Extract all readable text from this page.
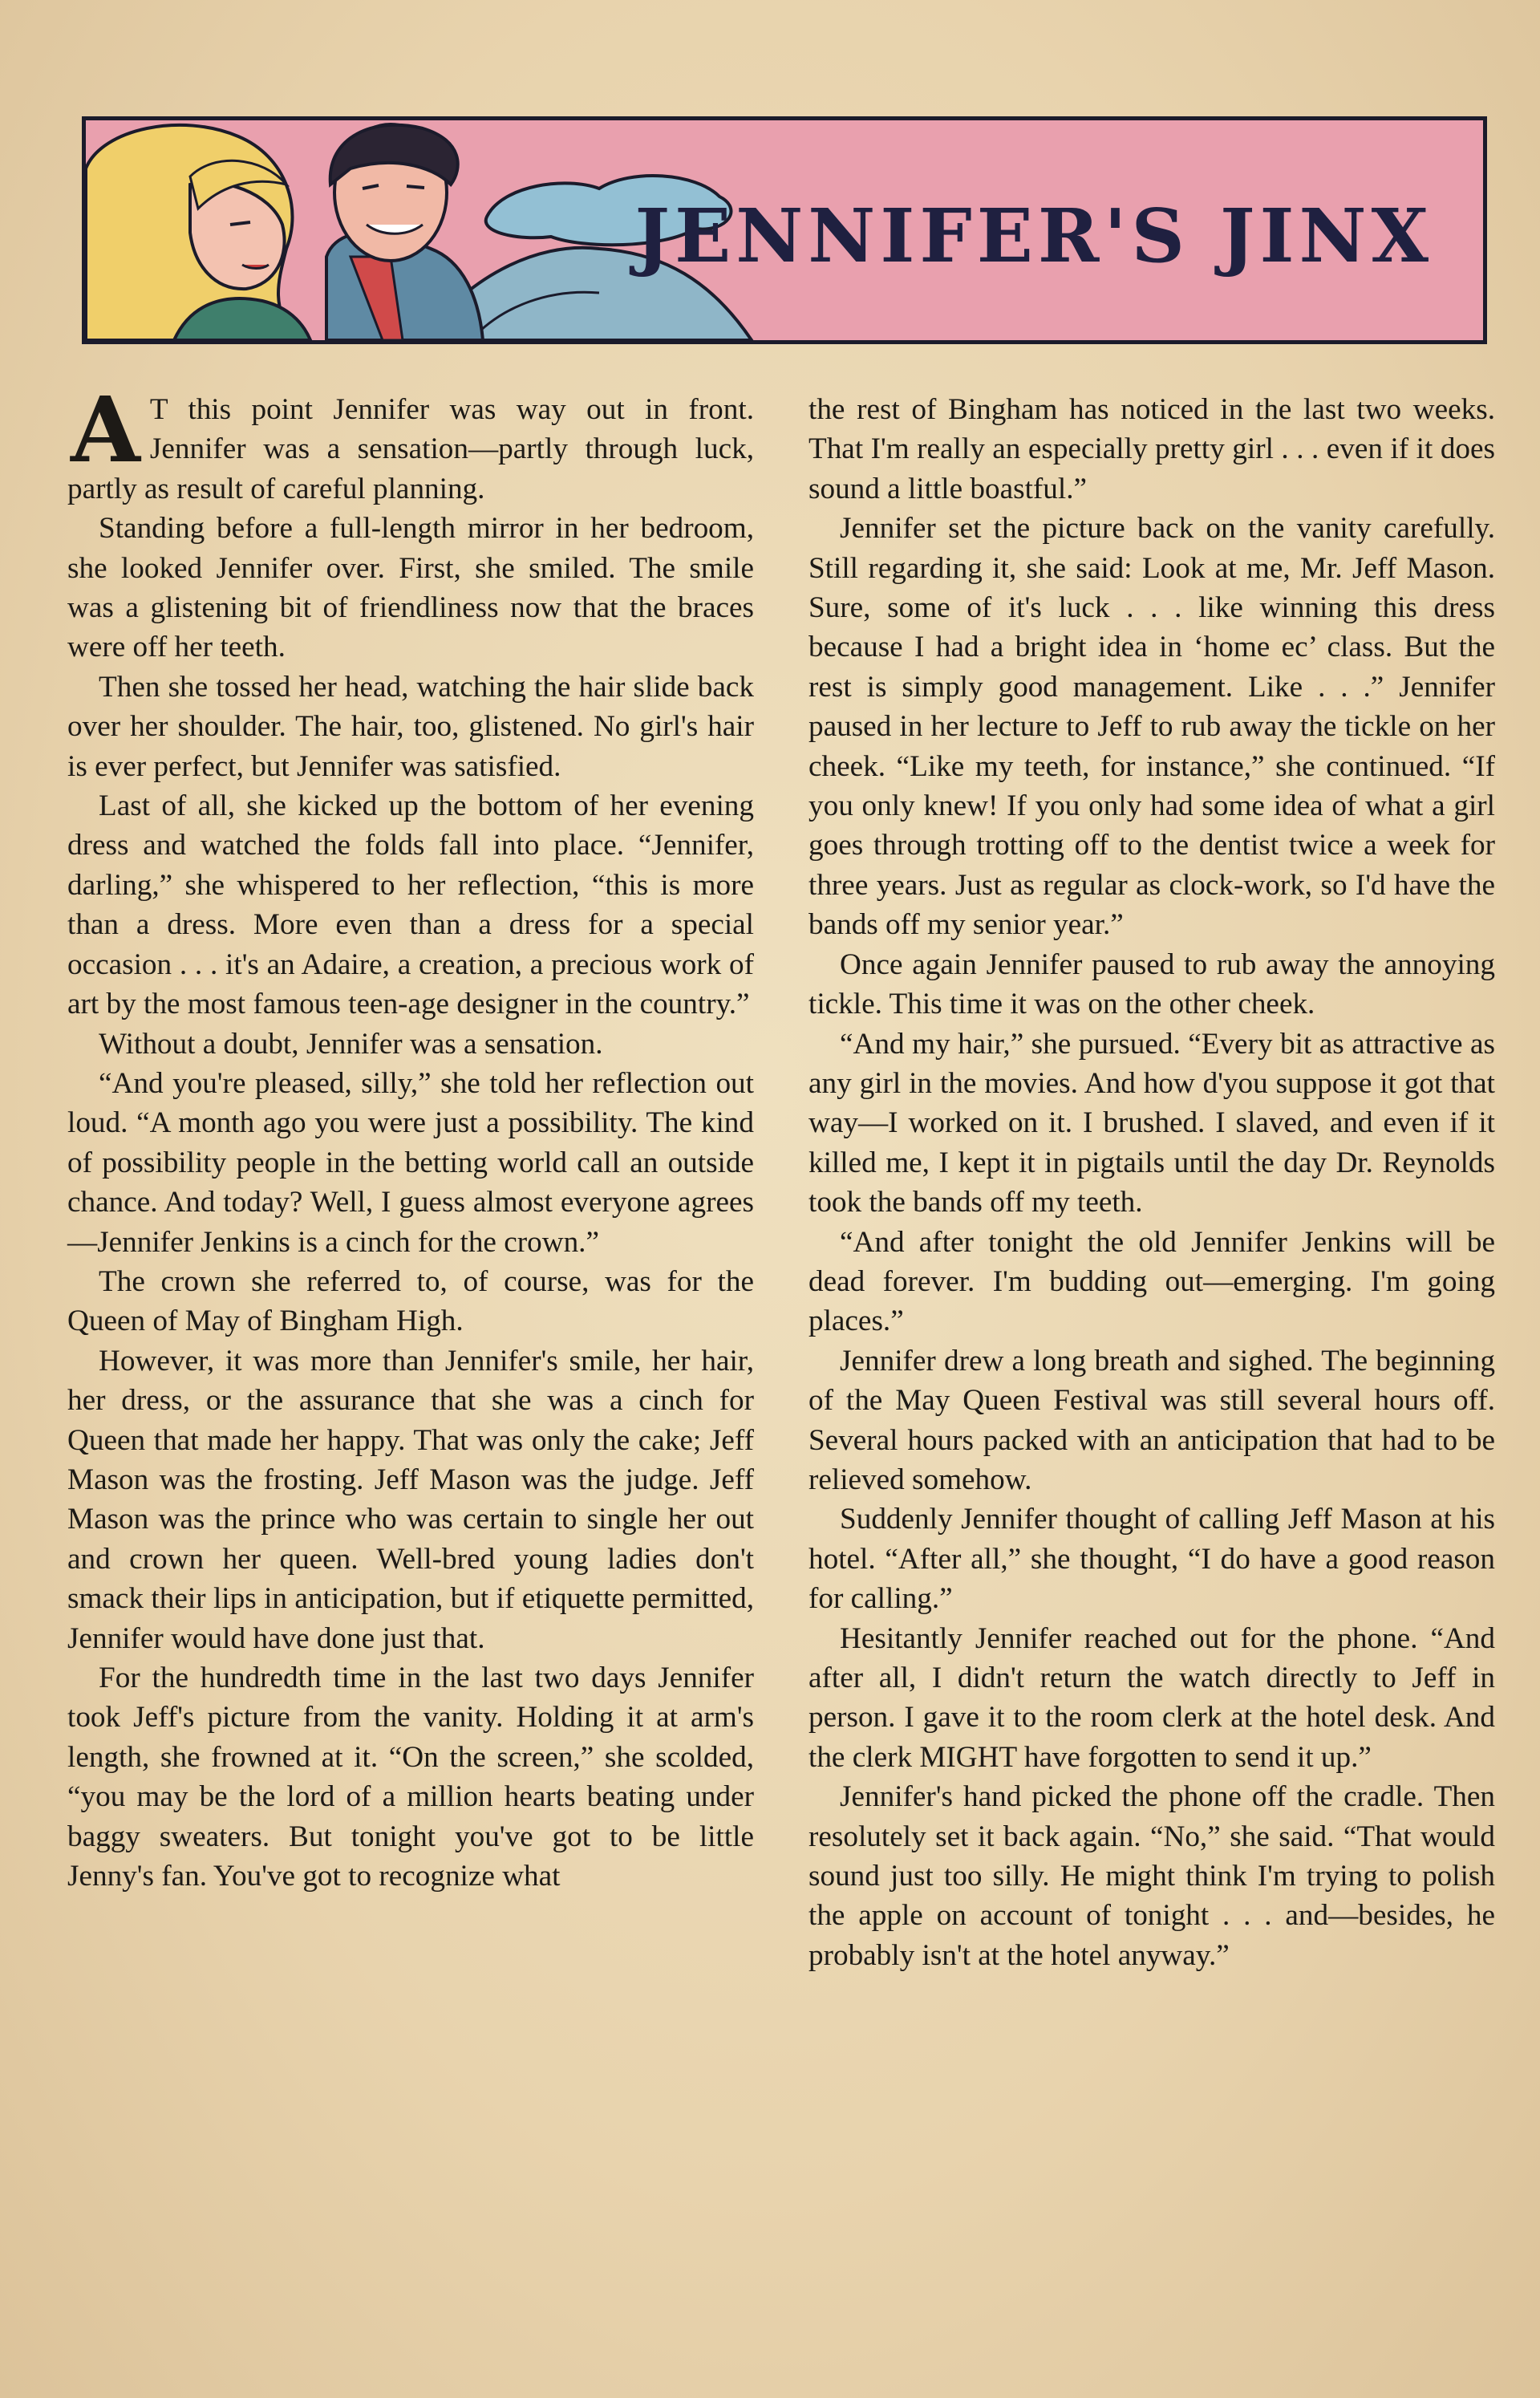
JENNIFER'S JINX

A T this point Jennifer was way out in front. Jennifer was a sensation—partly through luck, partly as result of careful planning.

Standing before a full-length mirror in her bedroom, she looked Jennifer over. First, she smiled. The smile was a glistening bit of friendliness now that the braces were off her teeth.

Then she tossed her head, watching the hair slide back over her shoulder. The hair, too, glistened. No girl's hair is ever perfect, but Jennifer was satisfied.

Last of all, she kicked up the bottom of her evening dress and watched the folds fall into place. “Jennifer, darling,” she whispered to her reflection, “this is more than a dress. More even than a dress for a special occasion . . . it's an Adaire, a creation, a precious work of art by the most famous teen-age designer in the country.”

Without a doubt, Jennifer was a sensation.

“And you're pleased, silly,” she told her reflection out loud. “A month ago you were just a possibility. The kind of possibility people in the betting world call an outside chance. And today? Well, I guess almost everyone agrees—Jennifer Jenkins is a cinch for the crown.”

The crown she referred to, of course, was for the Queen of May of Bingham High.

However, it was more than Jennifer's smile, her hair, her dress, or the assurance that she was a cinch for Queen that made her happy. That was only the cake; Jeff Mason was the frosting. Jeff Mason was the judge. Jeff Mason was the prince who was certain to single her out and crown her queen. Well-bred young ladies don't smack their lips in anticipation, but if etiquette permitted, Jennifer would have done just that.

For the hundredth time in the last two days Jennifer took Jeff's picture from the vanity. Holding it at arm's length, she frowned at it. “On the screen,” she scolded, “you may be the lord of a million hearts beating under baggy sweaters. But tonight you've got to be little Jenny's fan. You've got to recognize what

the rest of Bingham has noticed in the last two weeks. That I'm really an especially pretty girl . . . even if it does sound a little boastful.”

Jennifer set the picture back on the vanity carefully. Still regarding it, she said: Look at me, Mr. Jeff Mason. Sure, some of it's luck . . . like winning this dress because I had a bright idea in ‘home ec’ class. But the rest is simply good management. Like . . .” Jennifer paused in her lecture to Jeff to rub away the tickle on her cheek. “Like my teeth, for instance,” she continued. “If you only knew! If you only had some idea of what a girl goes through trotting off to the dentist twice a week for three years. Just as regular as clock-work, so I'd have the bands off my senior year.”

Once again Jennifer paused to rub away the annoying tickle. This time it was on the other cheek.

“And my hair,” she pursued. “Every bit as attractive as any girl in the movies. And how d'you suppose it got that way—I worked on it. I brushed. I slaved, and even if it killed me, I kept it in pigtails until the day Dr. Reynolds took the bands off my teeth.

“And after tonight the old Jennifer Jenkins will be dead forever. I'm budding out—emerging. I'm going places.”

Jennifer drew a long breath and sighed. The beginning of the May Queen Festival was still several hours off. Several hours packed with an anticipation that had to be relieved somehow.

Suddenly Jennifer thought of calling Jeff Mason at his hotel. “After all,” she thought, “I do have a good reason for calling.”

Hesitantly Jennifer reached out for the phone. “And after all, I didn't return the watch directly to Jeff in person. I gave it to the room clerk at the hotel desk. And the clerk MIGHT have forgotten to send it up.”

Jennifer's hand picked the phone off the cradle. Then resolutely set it back again. “No,” she said. “That would sound just too silly. He might think I'm trying to polish the apple on account of tonight . . . and—besides, he probably isn't at the hotel anyway.”
